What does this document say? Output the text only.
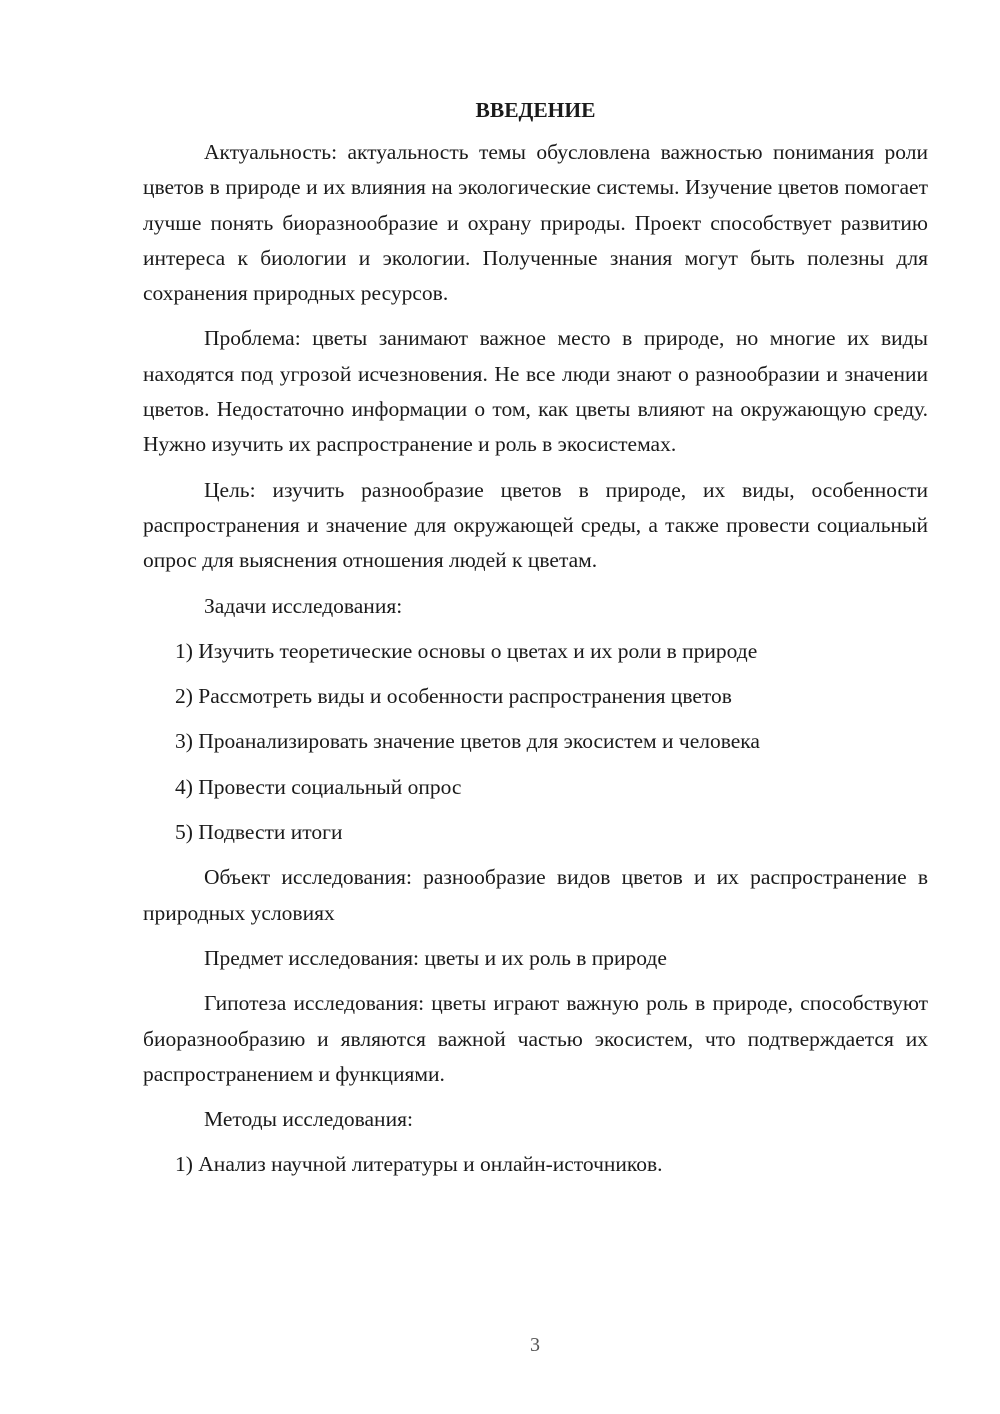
ВВЕДЕНИЕ

Актуальность: актуальность темы обусловлена важностью понимания роли цветов в природе и их влияния на экологические системы. Изучение цветов помогает лучше понять биоразнообразие и охрану природы. Проект способствует развитию интереса к биологии и экологии. Полученные знания могут быть полезны для сохранения природных ресурсов.

Проблема: цветы занимают важное место в природе, но многие их виды находятся под угрозой исчезновения. Не все люди знают о разнообразии и значении цветов. Недостаточно информации о том, как цветы влияют на окружающую среду. Нужно изучить их распространение и роль в экосистемах.

Цель: изучить разнообразие цветов в природе, их виды, особенности распространения и значение для окружающей среды, а также провести социальный опрос для выяснения отношения людей к цветам.

Задачи исследования:

1) Изучить теоретические основы о цветах и их роли в природе
2) Рассмотреть виды и особенности распространения цветов
3) Проанализировать значение цветов для экосистем и человека
4) Провести социальный опрос
5) Подвести итоги

Объект исследования: разнообразие видов цветов и их распространение в природных условиях

Предмет исследования: цветы и их роль в природе

Гипотеза исследования: цветы играют важную роль в природе, способствуют биоразнообразию и являются важной частью экосистем, что подтверждается их распространением и функциями.

Методы исследования:

1) Анализ научной литературы и онлайн-источников.
3
